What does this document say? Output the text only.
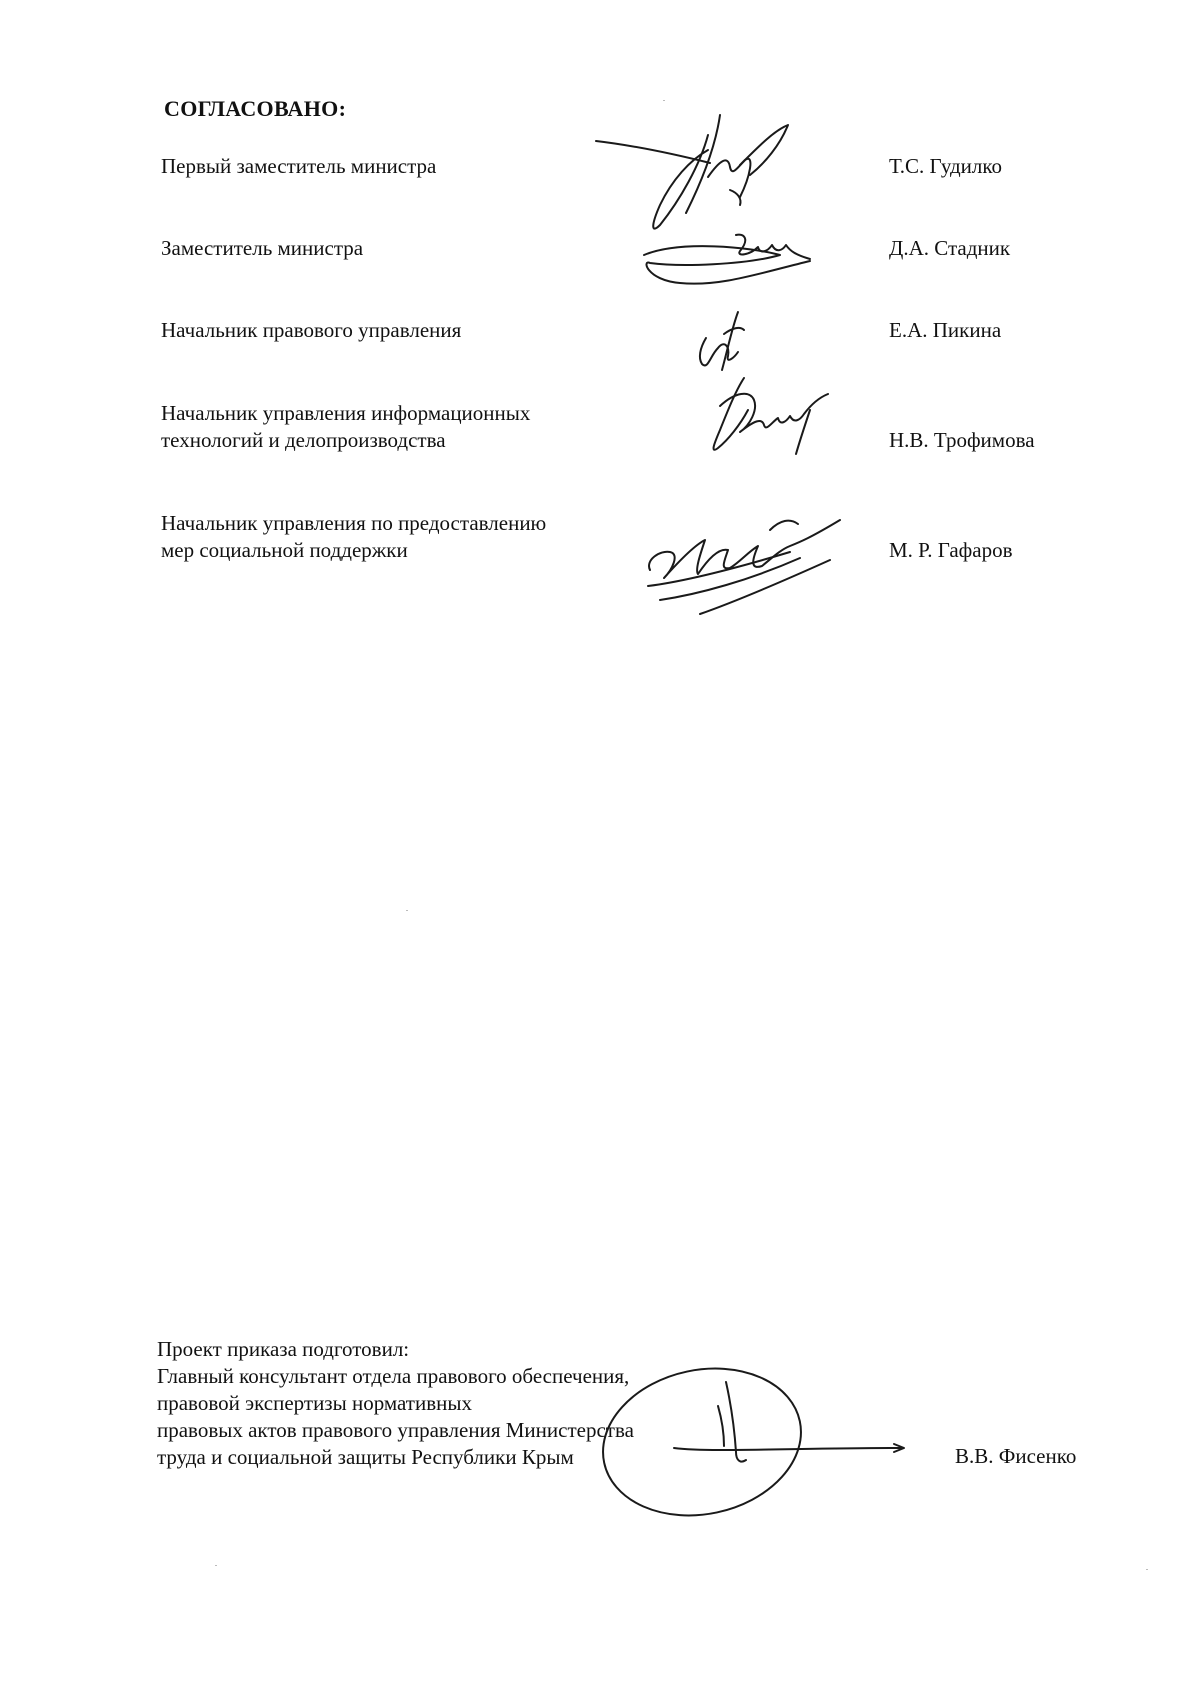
СОГЛАСОВАНО:
Первый заместитель министра	Т.С. Гудилко
Заместитель министра	Д.А. Стадник
Начальник правового управления	Е.А. Пикина
Начальник управления информационных
технологий и делопроизводства	Н.В. Трофимова
Начальник управления по предоставлению
мер социальной поддержки	М. Р. Гафаров
Проект приказа подготовил:
Главный консультант отдела правового обеспечения,
правовой экспертизы нормативных
правовых актов правового управления Министерства
труда и социальной защиты Республики Крым	В.В. Фисенко
